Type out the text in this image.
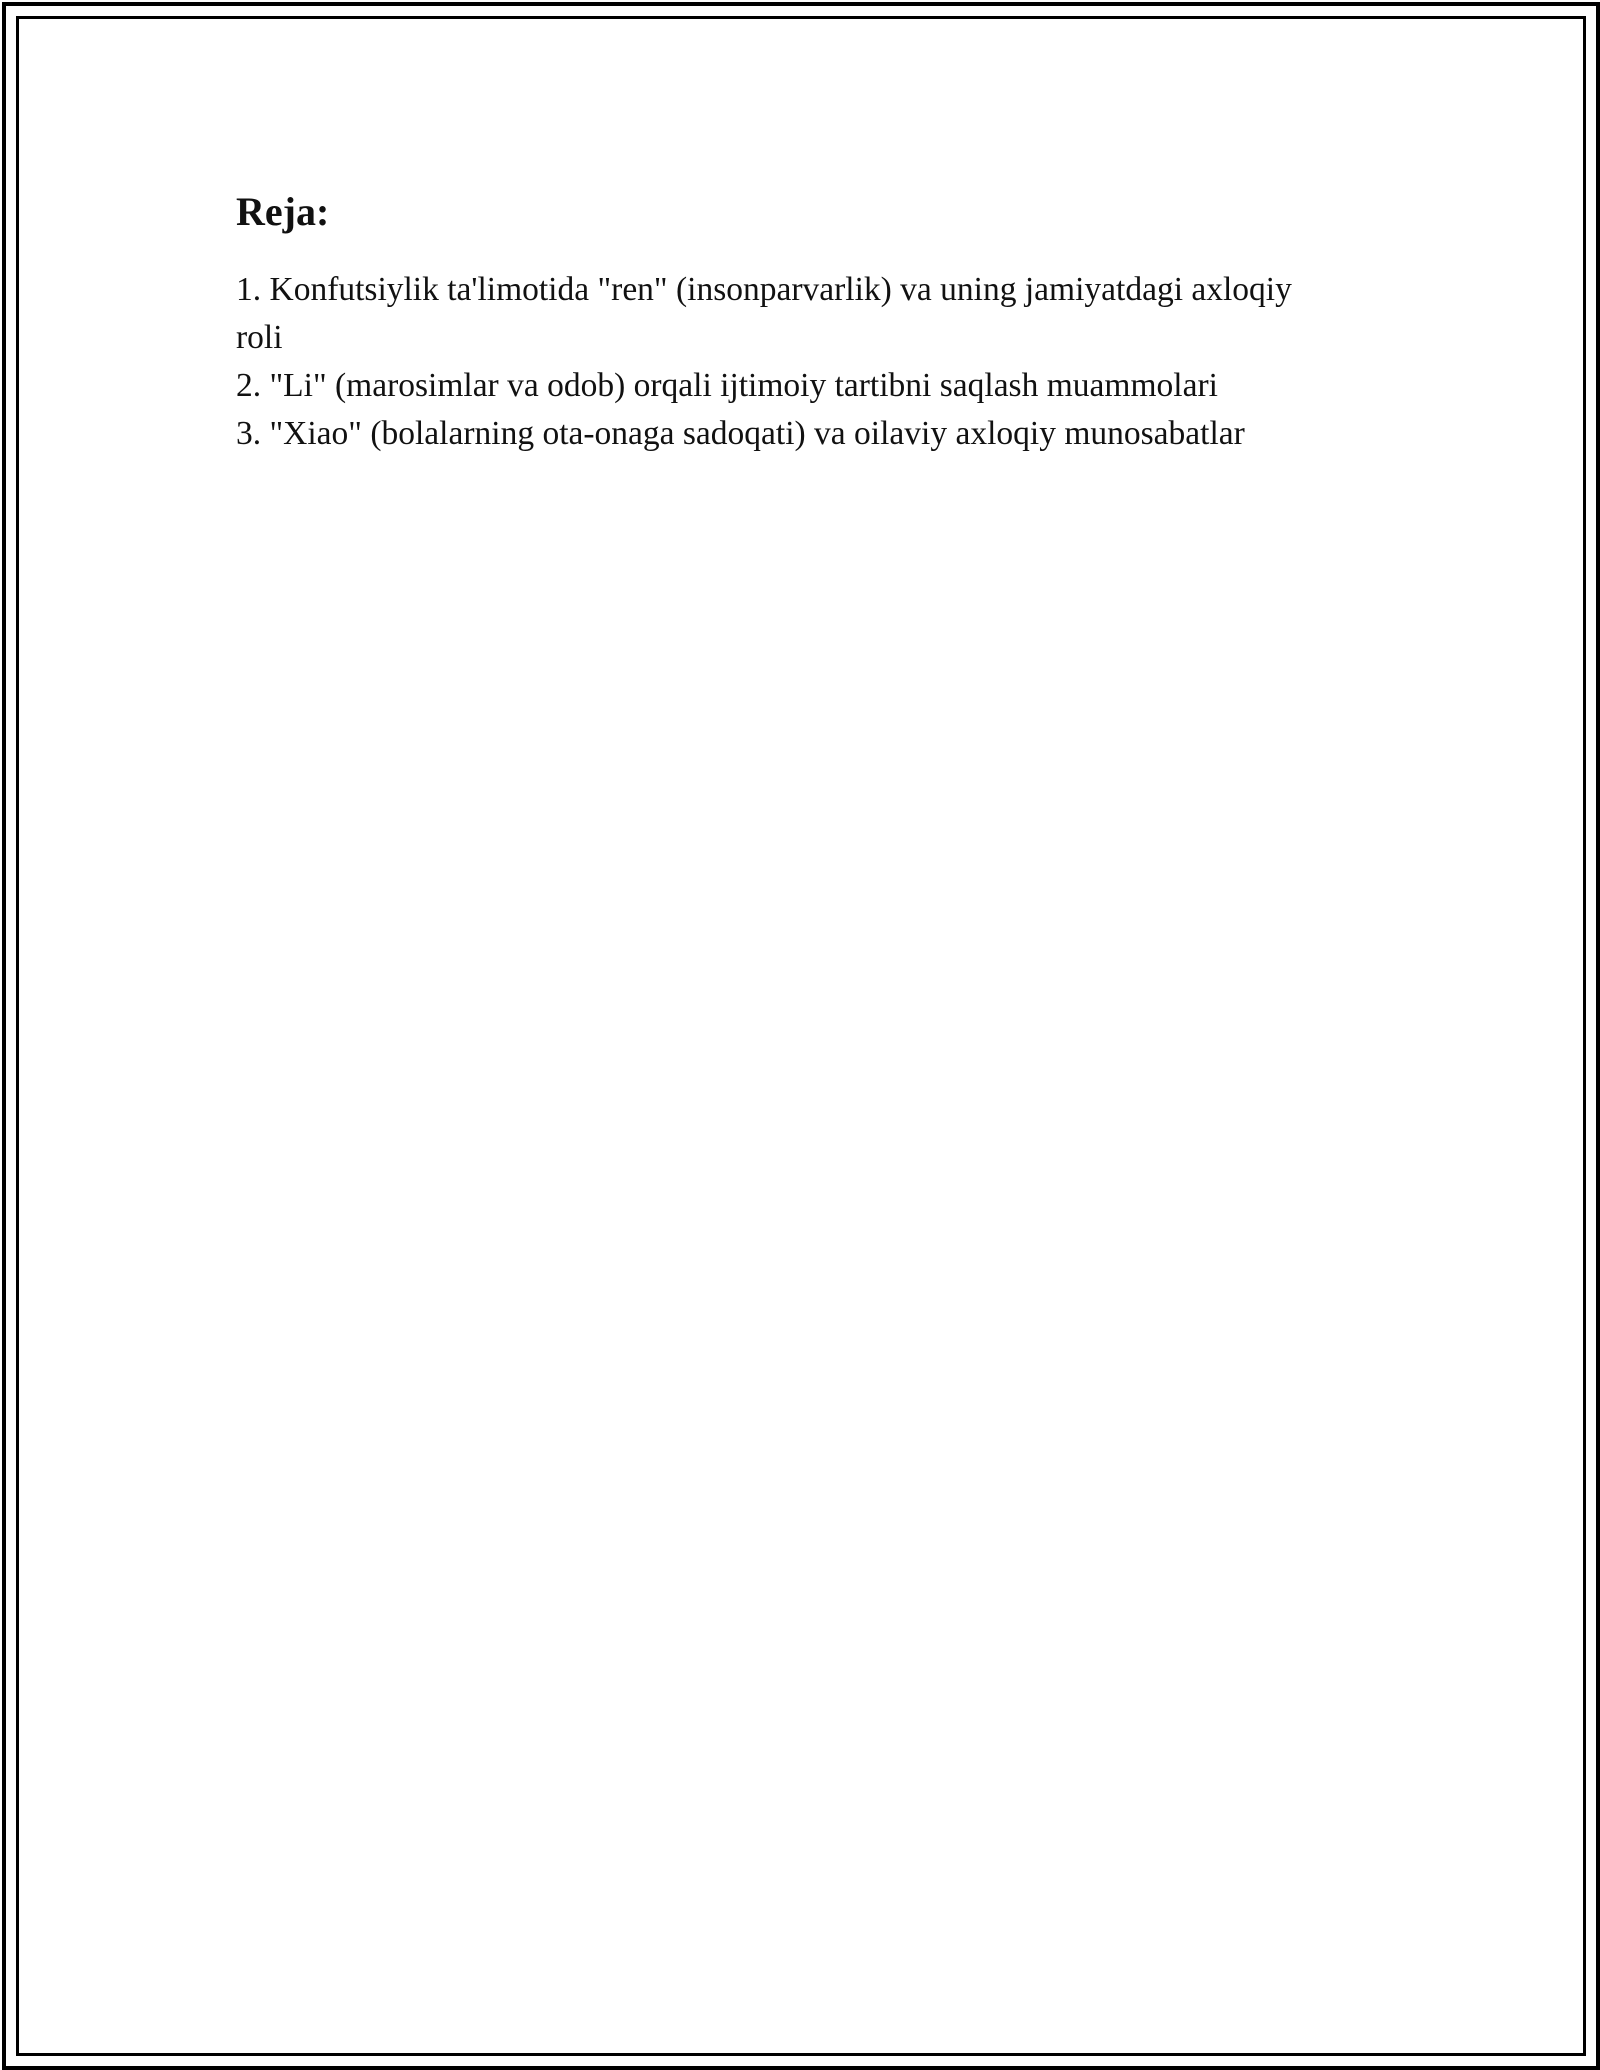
Reja:
1. Konfutsiylik ta'limotida "ren" (insonparvarlik) va uning jamiyatdagi axloqiy roli
2. "Li" (marosimlar va odob) orqali ijtimoiy tartibni saqlash muammolari
3. "Xiao" (bolalarning ota-onaga sadoqati) va oilaviy axloqiy munosabatlar
